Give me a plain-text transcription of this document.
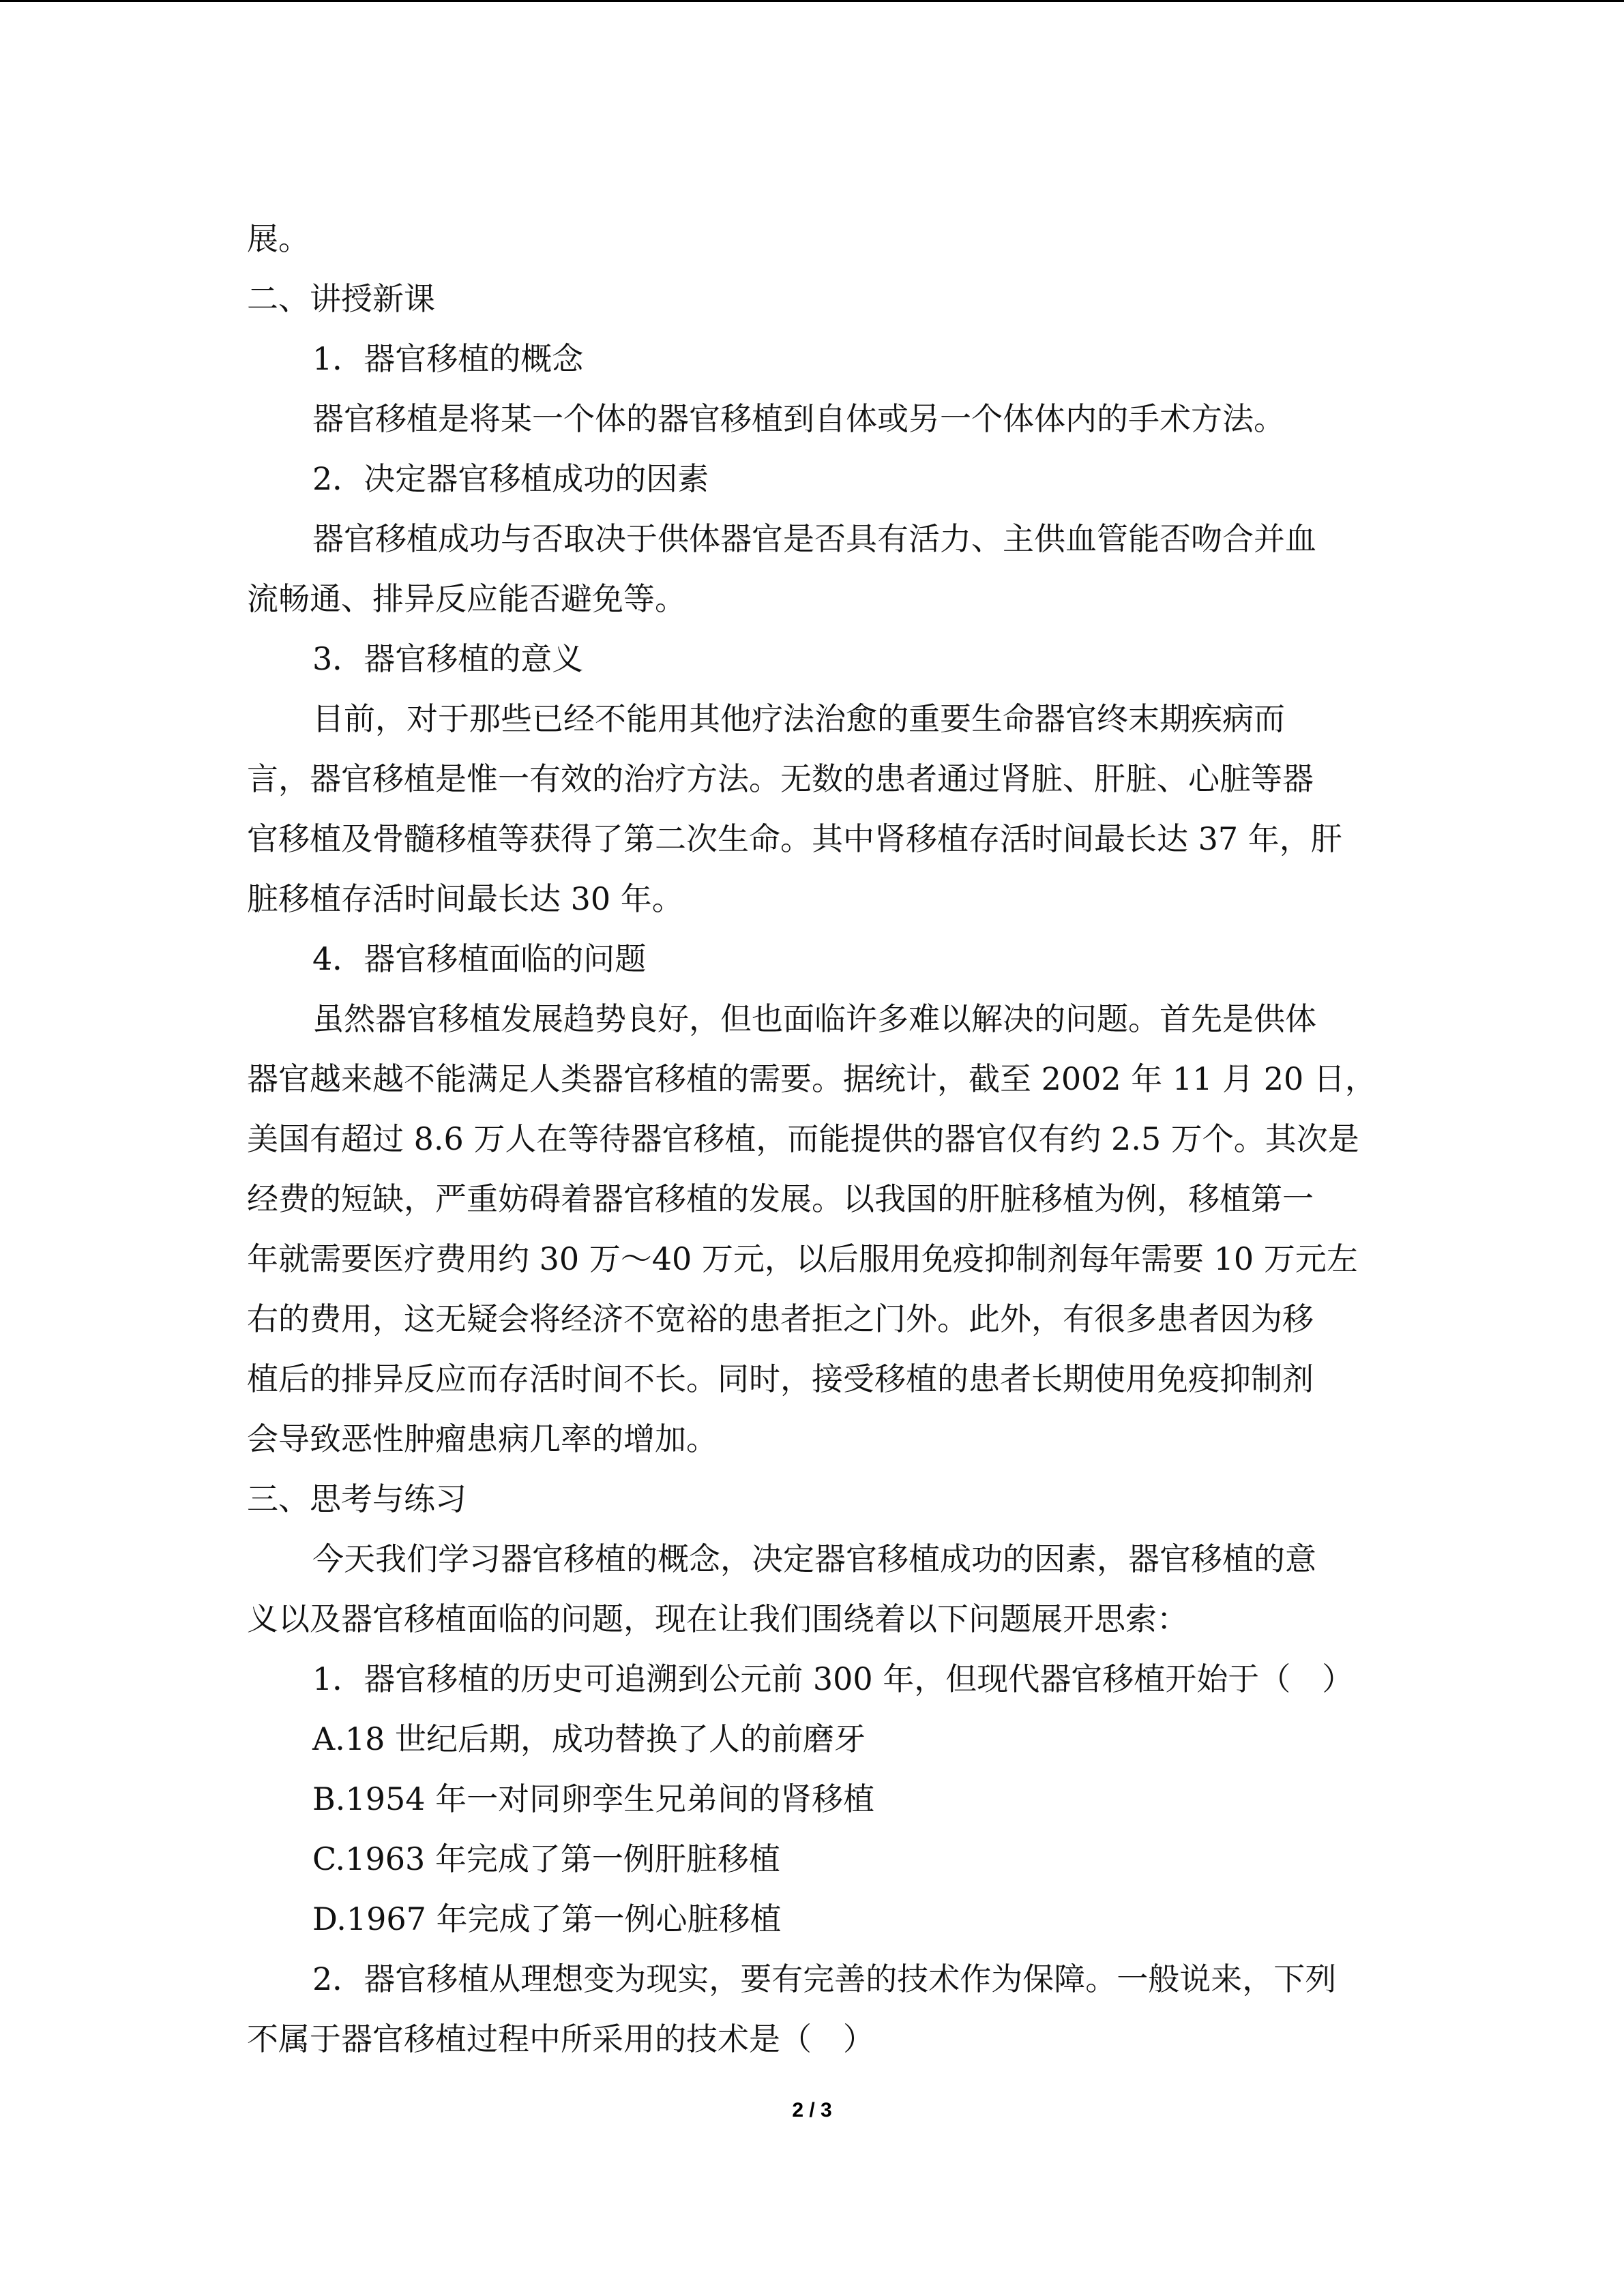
展。
二、讲授新课
1．器官移植的概念
器官移植是将某一个体的器官移植到自体或另一个体体内的手术方法。
2．决定器官移植成功的因素
器官移植成功与否取决于供体器官是否具有活力、主供血管能否吻合并血
流畅通、排异反应能否避免等。
3．器官移植的意义
目前，对于那些已经不能用其他疗法治愈的重要生命器官终末期疾病而
言，器官移植是惟一有效的治疗方法。无数的患者通过肾脏、肝脏、心脏等器
官移植及骨髓移植等获得了第二次生命。其中肾移植存活时间最长达 37 年，肝
脏移植存活时间最长达 30 年。
4．器官移植面临的问题
虽然器官移植发展趋势良好，但也面临许多难以解决的问题。首先是供体
器官越来越不能满足人类器官移植的需要。据统计，截至 2002 年 11 月 20 日，
美国有超过 8.6 万人在等待器官移植，而能提供的器官仅有约 2.5 万个。其次是
经费的短缺，严重妨碍着器官移植的发展。以我国的肝脏移植为例，移植第一
年就需要医疗费用约 30 万～40 万元，以后服用免疫抑制剂每年需要 10 万元左
右的费用，这无疑会将经济不宽裕的患者拒之门外。此外，有很多患者因为移
植后的排异反应而存活时间不长。同时，接受移植的患者长期使用免疫抑制剂
会导致恶性肿瘤患病几率的增加。
三、思考与练习
今天我们学习器官移植的概念，决定器官移植成功的因素，器官移植的意
义以及器官移植面临的问题，现在让我们围绕着以下问题展开思索：
1．器官移植的历史可追溯到公元前 300 年，但现代器官移植开始于（　）
A.18 世纪后期，成功替换了人的前磨牙
B.1954 年一对同卵孪生兄弟间的肾移植
C.1963 年完成了第一例肝脏移植
D.1967 年完成了第一例心脏移植
2．器官移植从理想变为现实，要有完善的技术作为保障。一般说来，下列
不属于器官移植过程中所采用的技术是（　）
2 / 3
